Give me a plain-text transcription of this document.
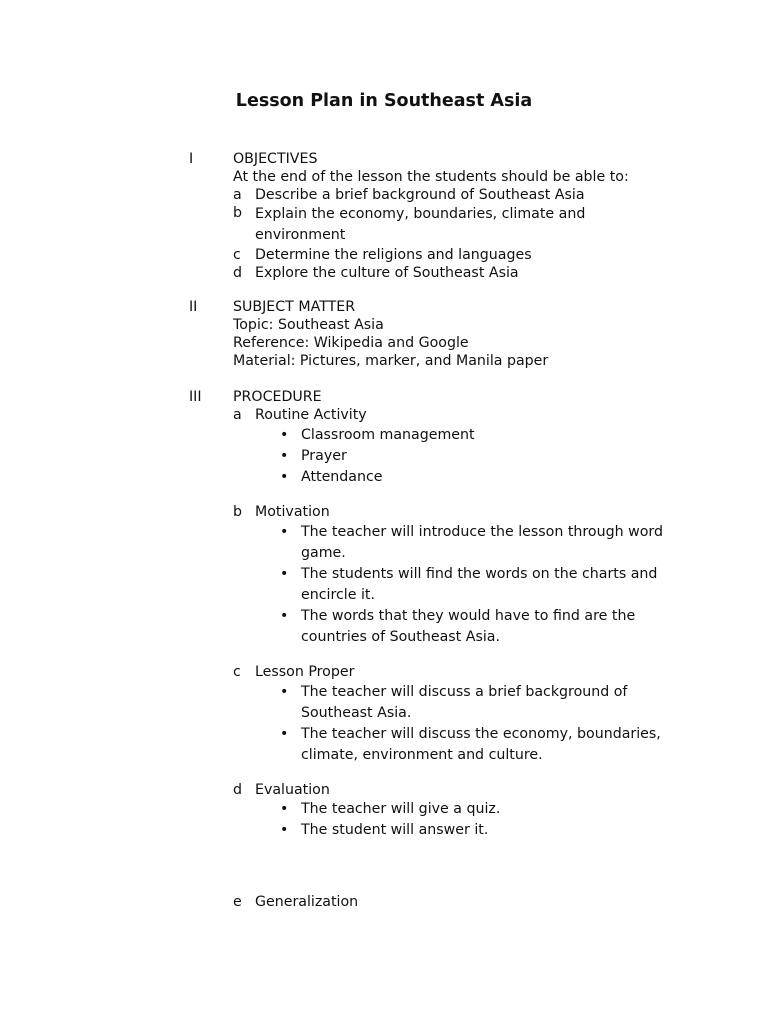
Lesson Plan in Southeast Asia
I	OBJECTIVES
At the end of the lesson the students should be able to:
a Describe a brief background of Southeast Asia
b Explain the economy, boundaries, climate and environment
c Determine the religions and languages
d Explore the culture of Southeast Asia
II	SUBJECT MATTER
Topic: Southeast Asia
Reference: Wikipedia and Google
Material: Pictures, marker, and Manila paper
III PROCEDURE
a Routine Activity
• Classroom management
• Prayer
• Attendance
b Motivation
• The teacher will introduce the lesson through word game.
• The students will find the words on the charts and encircle it.
• The words that they would have to find are the countries of Southeast Asia.
c Lesson Proper
• The teacher will discuss a brief background of Southeast Asia.
• The teacher will discuss the economy, boundaries, climate, environment and culture.
d Evaluation
• The teacher will give a quiz.
• The student will answer it.
e Generalization
